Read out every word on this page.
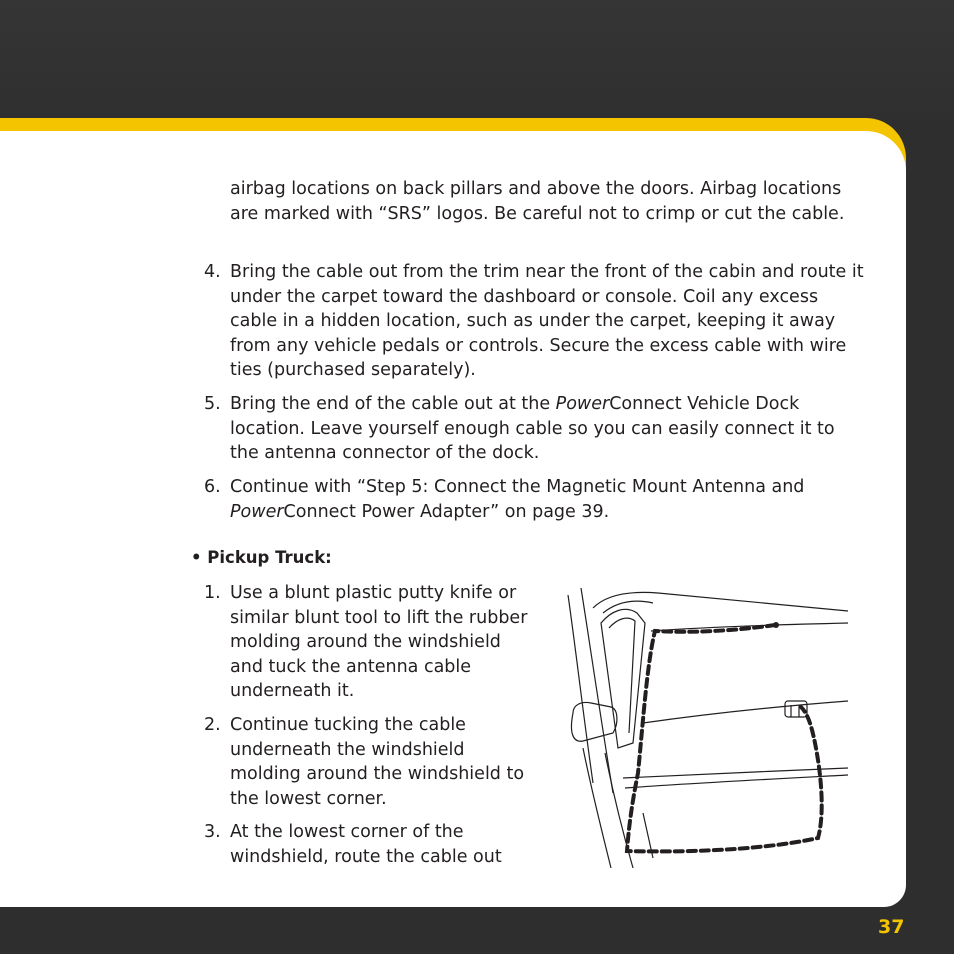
airbag locations on back pillars and above the doors. Airbag locations are marked with “SRS” logos. Be careful not to crimp or cut the cable.
4. Bring the cable out from the trim near the front of the cabin and route it under the carpet toward the dashboard or console. Coil any excess cable in a hidden location, such as under the carpet, keeping it away from any vehicle pedals or controls. Secure the excess cable with wire ties (purchased separately).
5. Bring the end of the cable out at the PowerConnect Vehicle Dock location. Leave yourself enough cable so you can easily connect it to the antenna connector of the dock.
6. Continue with “Step 5: Connect the Magnetic Mount Antenna and PowerConnect Power Adapter” on page 39.
• Pickup Truck:
1. Use a blunt plastic putty knife or similar blunt tool to lift the rubber molding around the windshield and tuck the antenna cable underneath it.
2. Continue tucking the cable underneath the windshield molding around the windshield to the lowest corner.
3. At the lowest corner of the windshield, route the cable out
37
